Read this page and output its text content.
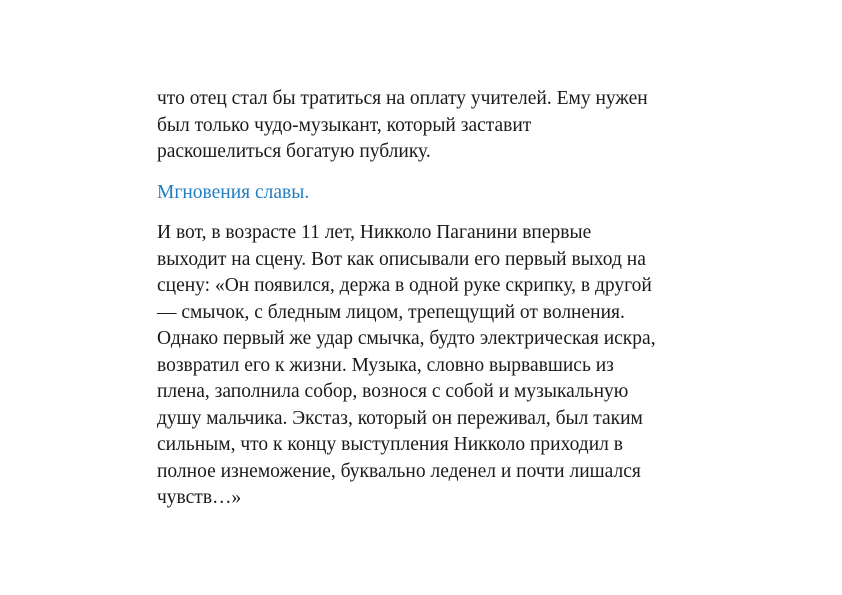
что отец стал бы тратиться на оплату учителей. Ему нужен
был только чудо-музыкант, который заставит
раскошелиться богатую публику.

Мгновения славы.

И вот, в возрасте 11 лет, Никколо Паганини впервые
выходит на сцену. Вот как описывали его первый выход на
сцену: «Он появился, держа в одной руке скрипку, в другой
— смычок, с бледным лицом, трепещущий от волнения.
Однако первый же удар смычка, будто электрическая искра,
возвратил его к жизни. Музыка, словно вырвавшись из
плена, заполнила собор, вознося с собой и музыкальную
душу мальчика. Экстаз, который он переживал, был таким
сильным, что к концу выступления Никколо приходил в
полное изнеможение, буквально леденел и почти лишался
чувств…»
